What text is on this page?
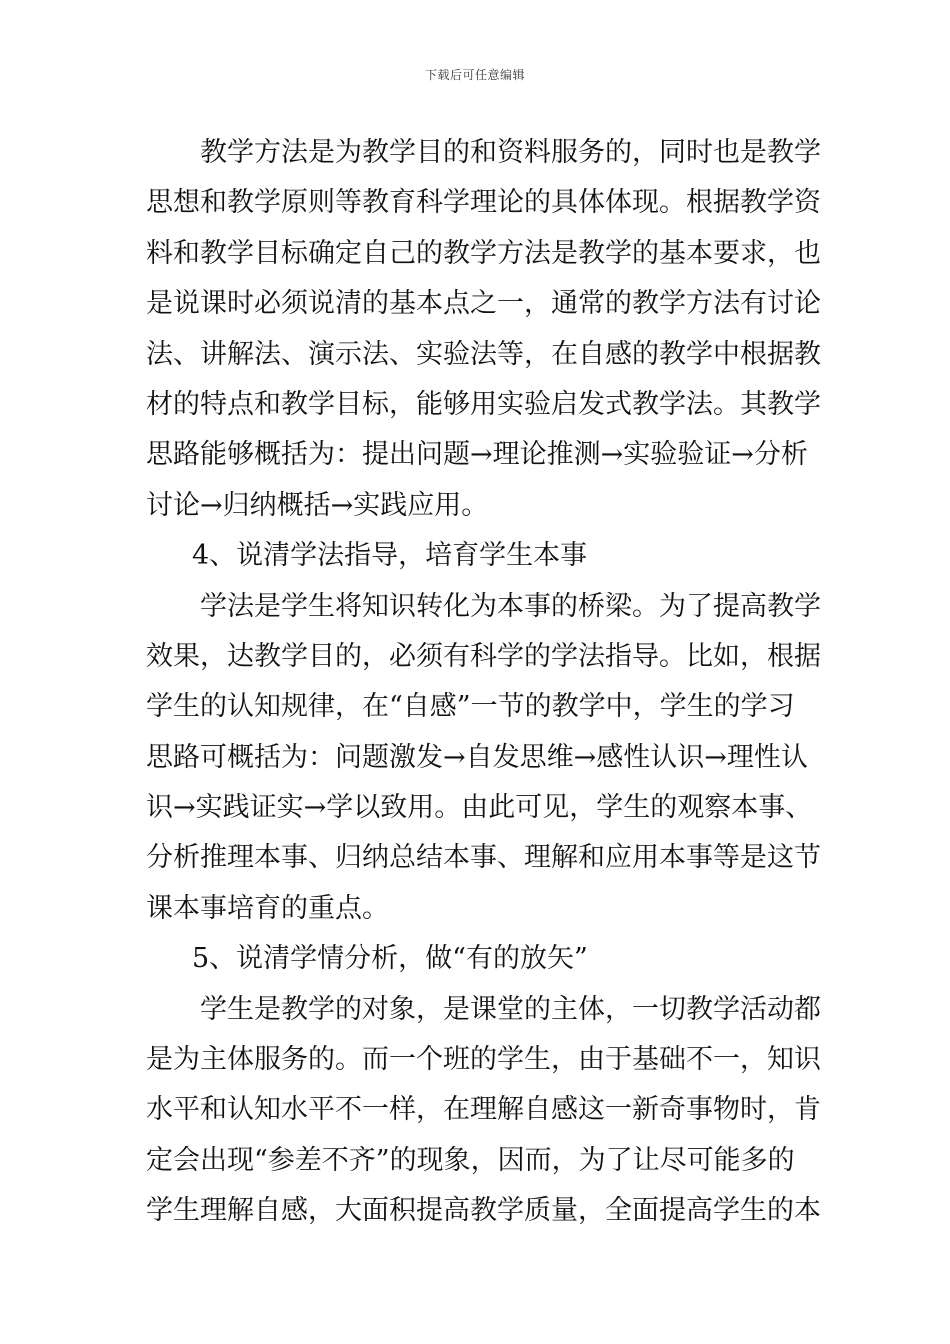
下载后可任意编辑
教学方法是为教学目的和资料服务的，同时也是教学
思想和教学原则等教育科学理论的具体体现。根据教学资
料和教学目标确定自己的教学方法是教学的基本要求，也
是说课时必须说清的基本点之一，通常的教学方法有讨论
法、讲解法、演示法、实验法等，在自感的教学中根据教
材的特点和教学目标，能够用实验启发式教学法。其教学
思路能够概括为：提出问题→理论推测→实验验证→分析
讨论→归纳概括→实践应用。
4、说清学法指导，培育学生本事
学法是学生将知识转化为本事的桥梁。为了提高教学
效果，达教学目的，必须有科学的学法指导。比如，根据
学生的认知规律，在“自感”一节的教学中，学生的学习
思路可概括为：问题激发→自发思维→感性认识→理性认
识→实践证实→学以致用。由此可见，学生的观察本事、
分析推理本事、归纳总结本事、理解和应用本事等是这节
课本事培育的重点。
5、说清学情分析，做“有的放矢”
学生是教学的对象，是课堂的主体，一切教学活动都
是为主体服务的。而一个班的学生，由于基础不一，知识
水平和认知水平不一样，在理解自感这一新奇事物时，肯
定会出现“参差不齐”的现象，因而，为了让尽可能多的
学生理解自感，大面积提高教学质量，全面提高学生的本
